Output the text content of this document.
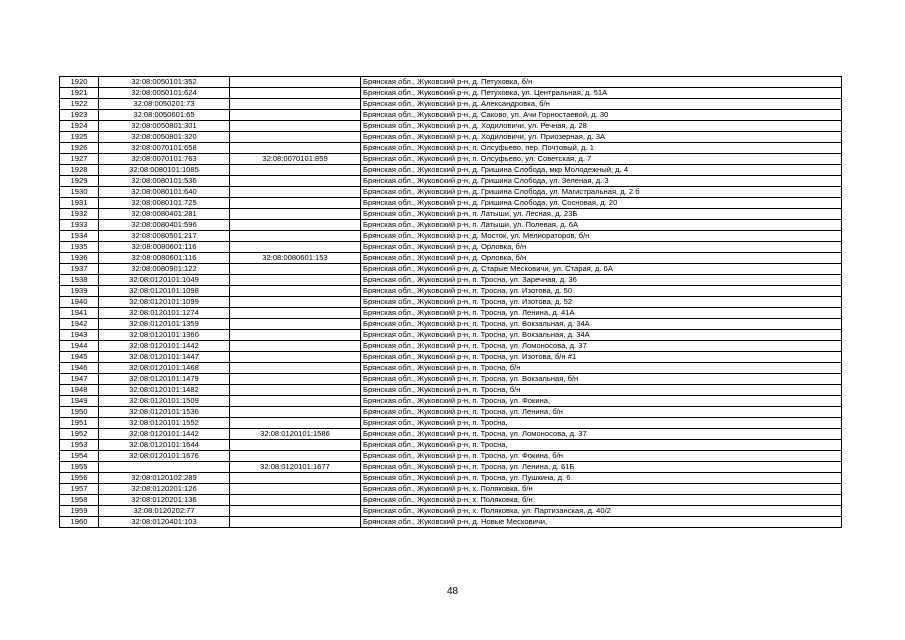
1920	32:08:0050101:352		Брянская обл., Жуковский р-н, д. Петуховка, б/н
1921	32:08:0050101:624		Брянская обл., Жуковский р-н, д. Петуховка, ул. Центральная, д. 51А
1922	32:08:0050201:73		Брянская обл., Жуковский р-н, д. Александровка, б/н
1923	32:08:0050601:65		Брянская обл., Жуковский р-н, д. Саково, ул. Ачи Горностаевой, д. 30
1924	32:08:0050801:301		Брянская обл., Жуковский р-н, д. Ходиловичи, ул. Речная, д. 28
1925	32:08:0050801:320		Брянская обл., Жуковский р-н, д. Ходиловичи, ул. Приозерная, д. 3А
1926	32:08:0070101:658		Брянская обл., Жуковский р-н, п. Олсуфьево, пер. Почтовый, д. 1
1927	32:08:0070101:763	32:08:0070101:859	Брянская обл., Жуковский р-н, п. Олсуфьево, ул. Советская, д. 7
1928	32:08:0080101:1085		Брянская обл., Жуковский р-н, д. Гришина Слобода, мкр Молодежный, д. 4
1929	32:08:0080101:536		Брянская обл., Жуковский р-н, д. Гришина Слобода, ул. Зеленая, д. 3
1930	32:08:0080101:640		Брянская обл., Жуковский р-н, д. Гришина Слобода, ул. Магистральная, д. 2 б
1931	32:08:0080101:725		Брянская обл., Жуковский р-н, д. Гришина Слобода, ул. Сосновая, д. 20
1932	32:08:0080401:281		Брянская обл., Жуковский р-н, п. Латыши, ул. Лесная, д. 23Б
1933	32:08:0080401:596		Брянская обл., Жуковский р-н, п. Латыши, ул. Полевая, д. 6А
1934	32:08:0080501:217		Брянская обл., Жуковский р-н, д. Мосток, ул. Мелиораторов, б/н
1935	32:08:0080601:116		Брянская обл., Жуковский р-н, д. Орловка, б/н
1936	32:08:0080601:116	32:08:0080601:153	Брянская обл., Жуковский р-н, д. Орловка, б/н
1937	32:08:0080901:122		Брянская обл., Жуковский р-н, д. Старые Месковичи, ул. Старая, д. 6А
1938	32:08:0120101:1049		Брянская обл., Жуковский р-н, п. Тросна, ул. Заречная, д. 36
1939	32:08:0120101:1098		Брянская обл., Жуковский р-н, п. Тросна, ул. Изотова, д. 50
1940	32:08:0120101:1099		Брянская обл., Жуковский р-н, п. Тросна, ул. Изотова, д. 52
1941	32:08:0120101:1274		Брянская обл., Жуковский р-н, п. Тросна, ул. Ленина, д. 41А
1942	32:08:0120101:1359		Брянская обл., Жуковский р-н, п. Тросна, ул. Вокзальная, д. 34А
1943	32:08:0120101:1360		Брянская обл., Жуковский р-н, п. Тросна, ул. Вокзальная, д. 34А
1944	32:08:0120101:1442		Брянская обл., Жуковский р-н, п. Тросна, ул. Ломоносова, д. 37
1945	32:08:0120101:1447		Брянская обл., Жуковский р-н, п. Тросна, ул. Изотова, б/н #1
1946	32:08:0120101:1468		Брянская обл., Жуковский р-н, п. Тросна, б/н
1947	32:08:0120101:1479		Брянская обл., Жуковский р-н, п. Тросна, ул. Вокзальная, б/н
1948	32:08:0120101:1482		Брянская обл., Жуковский р-н, п. Тросна, б/н
1949	32:08:0120101:1509		Брянская обл., Жуковский р-н, п. Тросна, ул. Фокина,
1950	32:08:0120101:1536		Брянская обл., Жуковский р-н, п. Тросна, ул. Ленина, б/н
1951	32:08:0120101:1552		Брянская обл., Жуковский р-н, п. Тросна,
1952	32:08:0120101:1442	32:08:0120101:1586	Брянская обл., Жуковский р-н, п. Тросна, ул. Ломоносова, д. 37
1953	32:08:0120101:1644		Брянская обл., Жуковский р-н, п. Тросна,
1954	32:08:0120101:1676		Брянская обл., Жуковский р-н, п. Тросна, ул. Фокина, б/н
1955		32:08:0120101:1677	Брянская обл., Жуковский р-н, п. Тросна, ул. Ленина, д. 61Б
1956	32:08:0120102:289		Брянская обл., Жуковский р-н, п. Тросна, ул. Пушкина, д. 6
1957	32:08:0120201:126		Брянская обл., Жуковский р-н, х. Поляковка, б/н
1958	32:08:0120201:136		Брянская обл., Жуковский р-н, х. Поляковка, б/н
1959	32:08:0120202:77		Брянская обл., Жуковский р-н, х. Поляковка, ул. Партизанская, д. 40/2
1960	32:08:0120401:103		Брянская обл., Жуковский р-н, д. Новые Месковичи,
48
